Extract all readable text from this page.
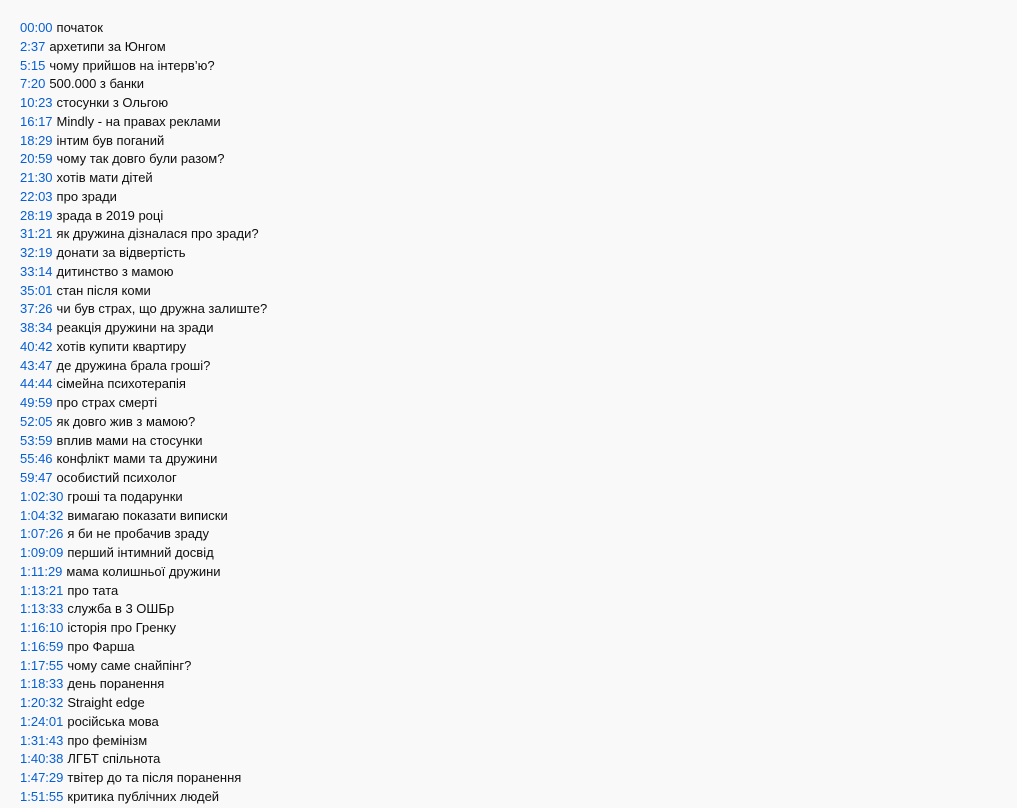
00:00 початок
2:37 архетипи за Юнгом
5:15 чому прийшов на інтерв’ю?
7:20 500.000 з банки
10:23 стосунки з Ольгою
16:17 Mindly - на правах реклами
18:29 інтим був поганий
20:59 чому так довго були разом?
21:30 хотів мати дітей
22:03 про зради
28:19 зрада в 2019 році
31:21 як дружина дізналася про зради?
32:19 донати за відвертість
33:14 дитинство з мамою
35:01 стан після коми
37:26 чи був страх, що дружна залиште?
38:34 реакція дружини на зради
40:42 хотів купити квартиру
43:47 де дружина брала гроші?
44:44 сімейна психотерапія
49:59 про страх смерті
52:05 як довго жив з мамою?
53:59 вплив мами на стосунки
55:46 конфлікт мами та дружини
59:47 особистий психолог
1:02:30 гроші та подарунки
1:04:32 вимагаю показати виписки
1:07:26 я би не пробачив зраду
1:09:09 перший інтимний досвід
1:11:29 мама колишньої дружини
1:13:21 про тата
1:13:33 служба в 3 ОШБр
1:16:10 історія про Гренку
1:16:59 про Фарша
1:17:55 чому саме снайпінг?
1:18:33 день поранення
1:20:32 Straight edge
1:24:01 російська мова
1:31:43 про фемінізм
1:40:38 ЛГБТ спільнота
1:47:29 твітер до та після поранення
1:51:55 критика публічних людей
